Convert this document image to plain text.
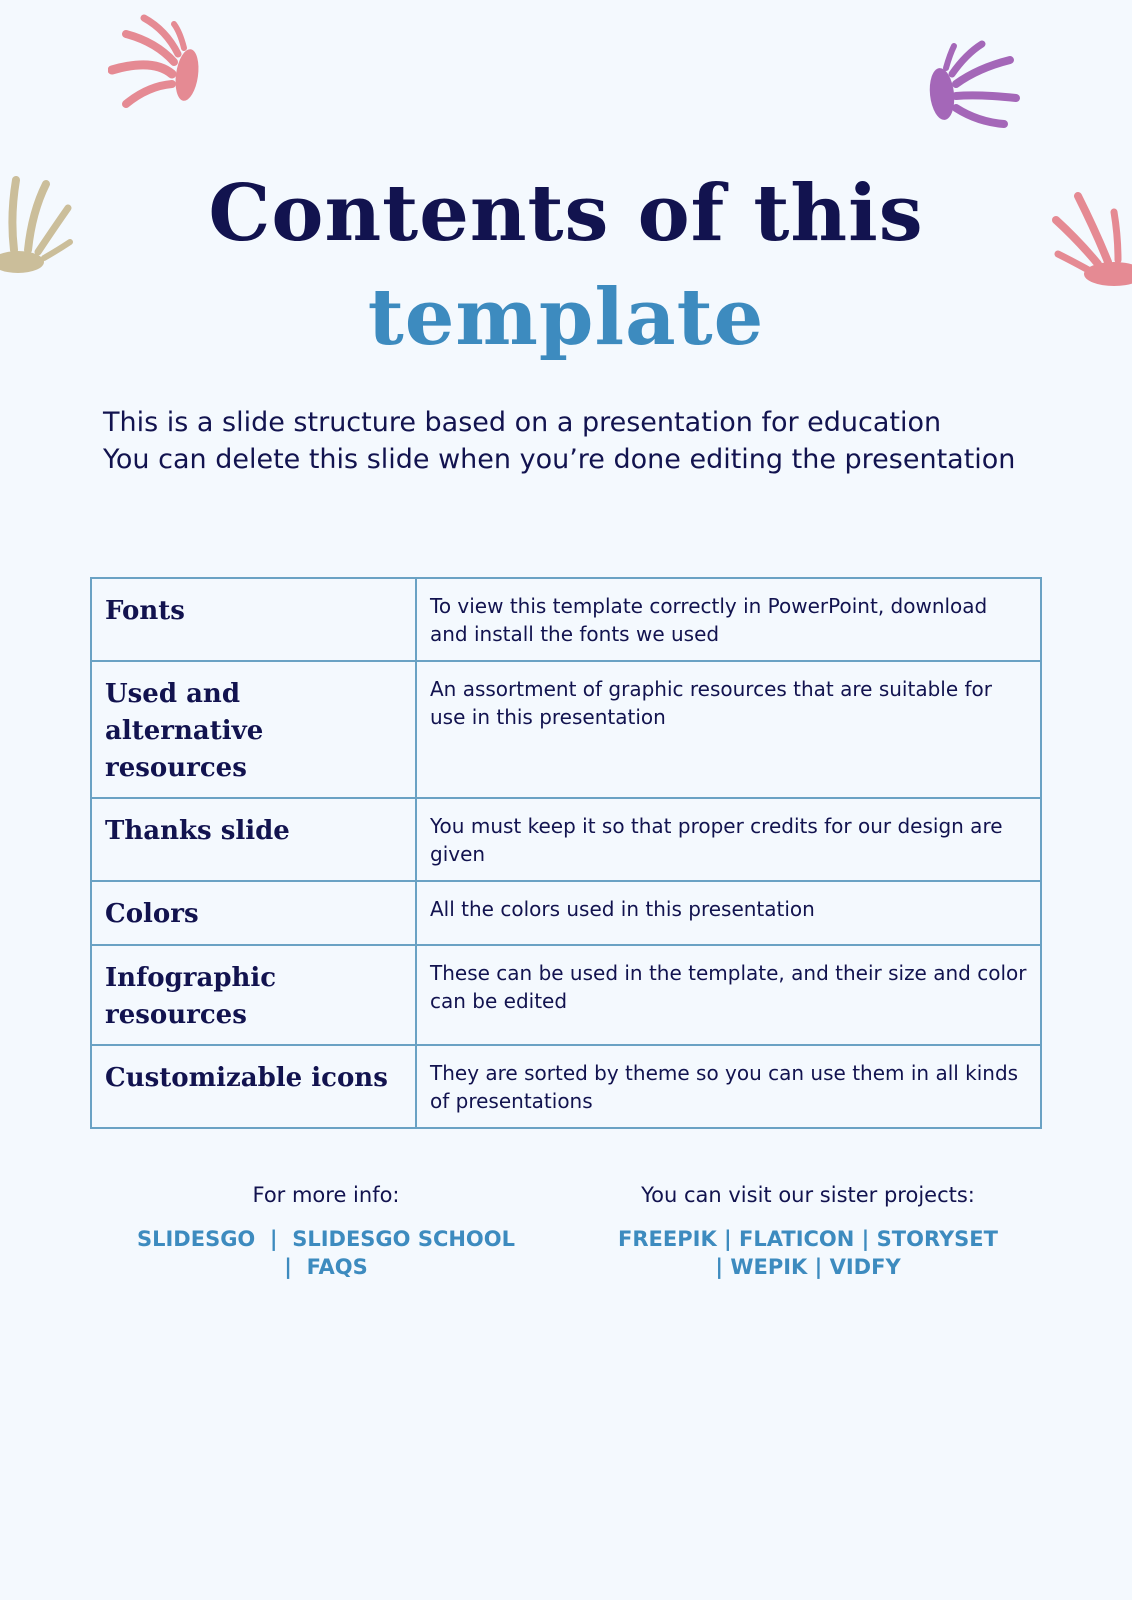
Contents of this
template

This is a slide structure based on a presentation for education

You can delete this slide when you’re done editing the presentation

Fonts	To view this template correctly in PowerPoint, download
and install the fonts we used

Used and alternative resources	An assortment of graphic resources that are suitable for
use in this presentation

Thanks slide	You must keep it so that proper credits for our design are
given

Colors	All the colors used in this presentation

Infographic resources	These can be used in the template, and their size and color
can be edited

Customizable icons	They are sorted by theme so you can use them in all kinds
of presentations
For more info:
SLIDESGO | SLIDESGO SCHOOL
| FAQS
You can visit our sister projects:
FREEPIK | FLATICON | STORYSET
| WEPIK | VIDFY
